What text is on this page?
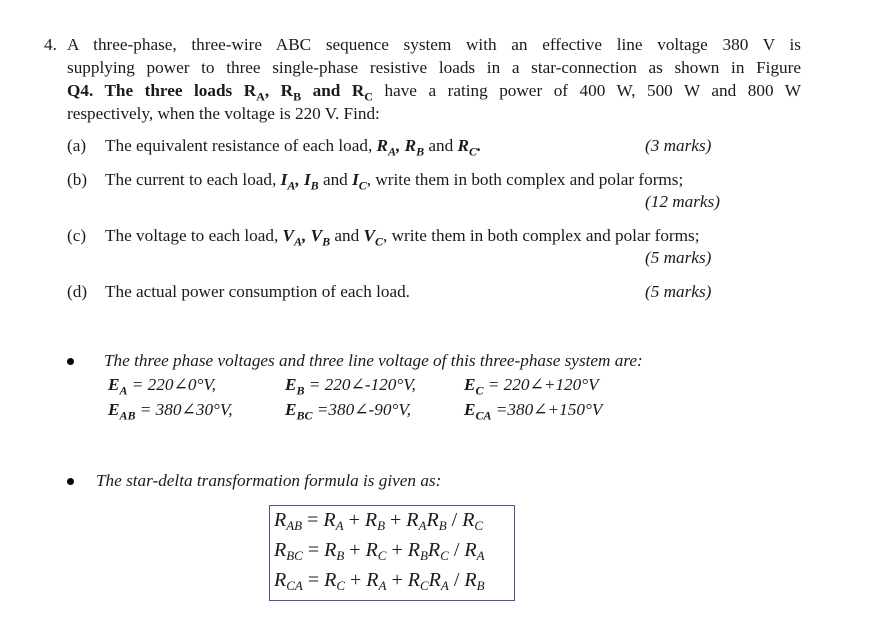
4. A three-phase, three-wire ABC sequence system with an effective line voltage 380 V is
supplying power to three single-phase resistive loads in a star-connection as shown in Figure
Q4. The three loads $R_A$, $R_B$ and $R_C$ have a rating power of 400 W, 500 W and 800 W
respectively, when the voltage is 220 V. Find:
(a) The equivalent resistance of each load, $R_A$, $R_B$ and $R_C$.	(3 marks)
(b) The current to each load, $I_A$, $I_B$ and $I_C$, write them in both complex and polar forms;
(12 marks)
(c) The voltage to each load, $V_A$, $V_B$ and $V_C$, write them in both complex and polar forms;
(5 marks)
(d) The actual power consumption of each load.	(5 marks)
The three phase voltages and three line voltage of this three-phase system are:
$E_A$ = 220∠0°V,	$E_B$ = 220∠-120°V,	$E_C$ = 220∠+120°V
$E_{AB}$ = 380∠30°V,	$E_{BC}$ =380∠-90°V,	$E_{CA}$ =380∠+150°V
The star-delta transformation formula is given as:
$R_{AB} = R_A + R_B + R_AR_B / R_C$
$R_{BC} = R_B + R_C + R_BR_C / R_A$
$R_{CA} = R_C + R_A + R_CR_A / R_B$
